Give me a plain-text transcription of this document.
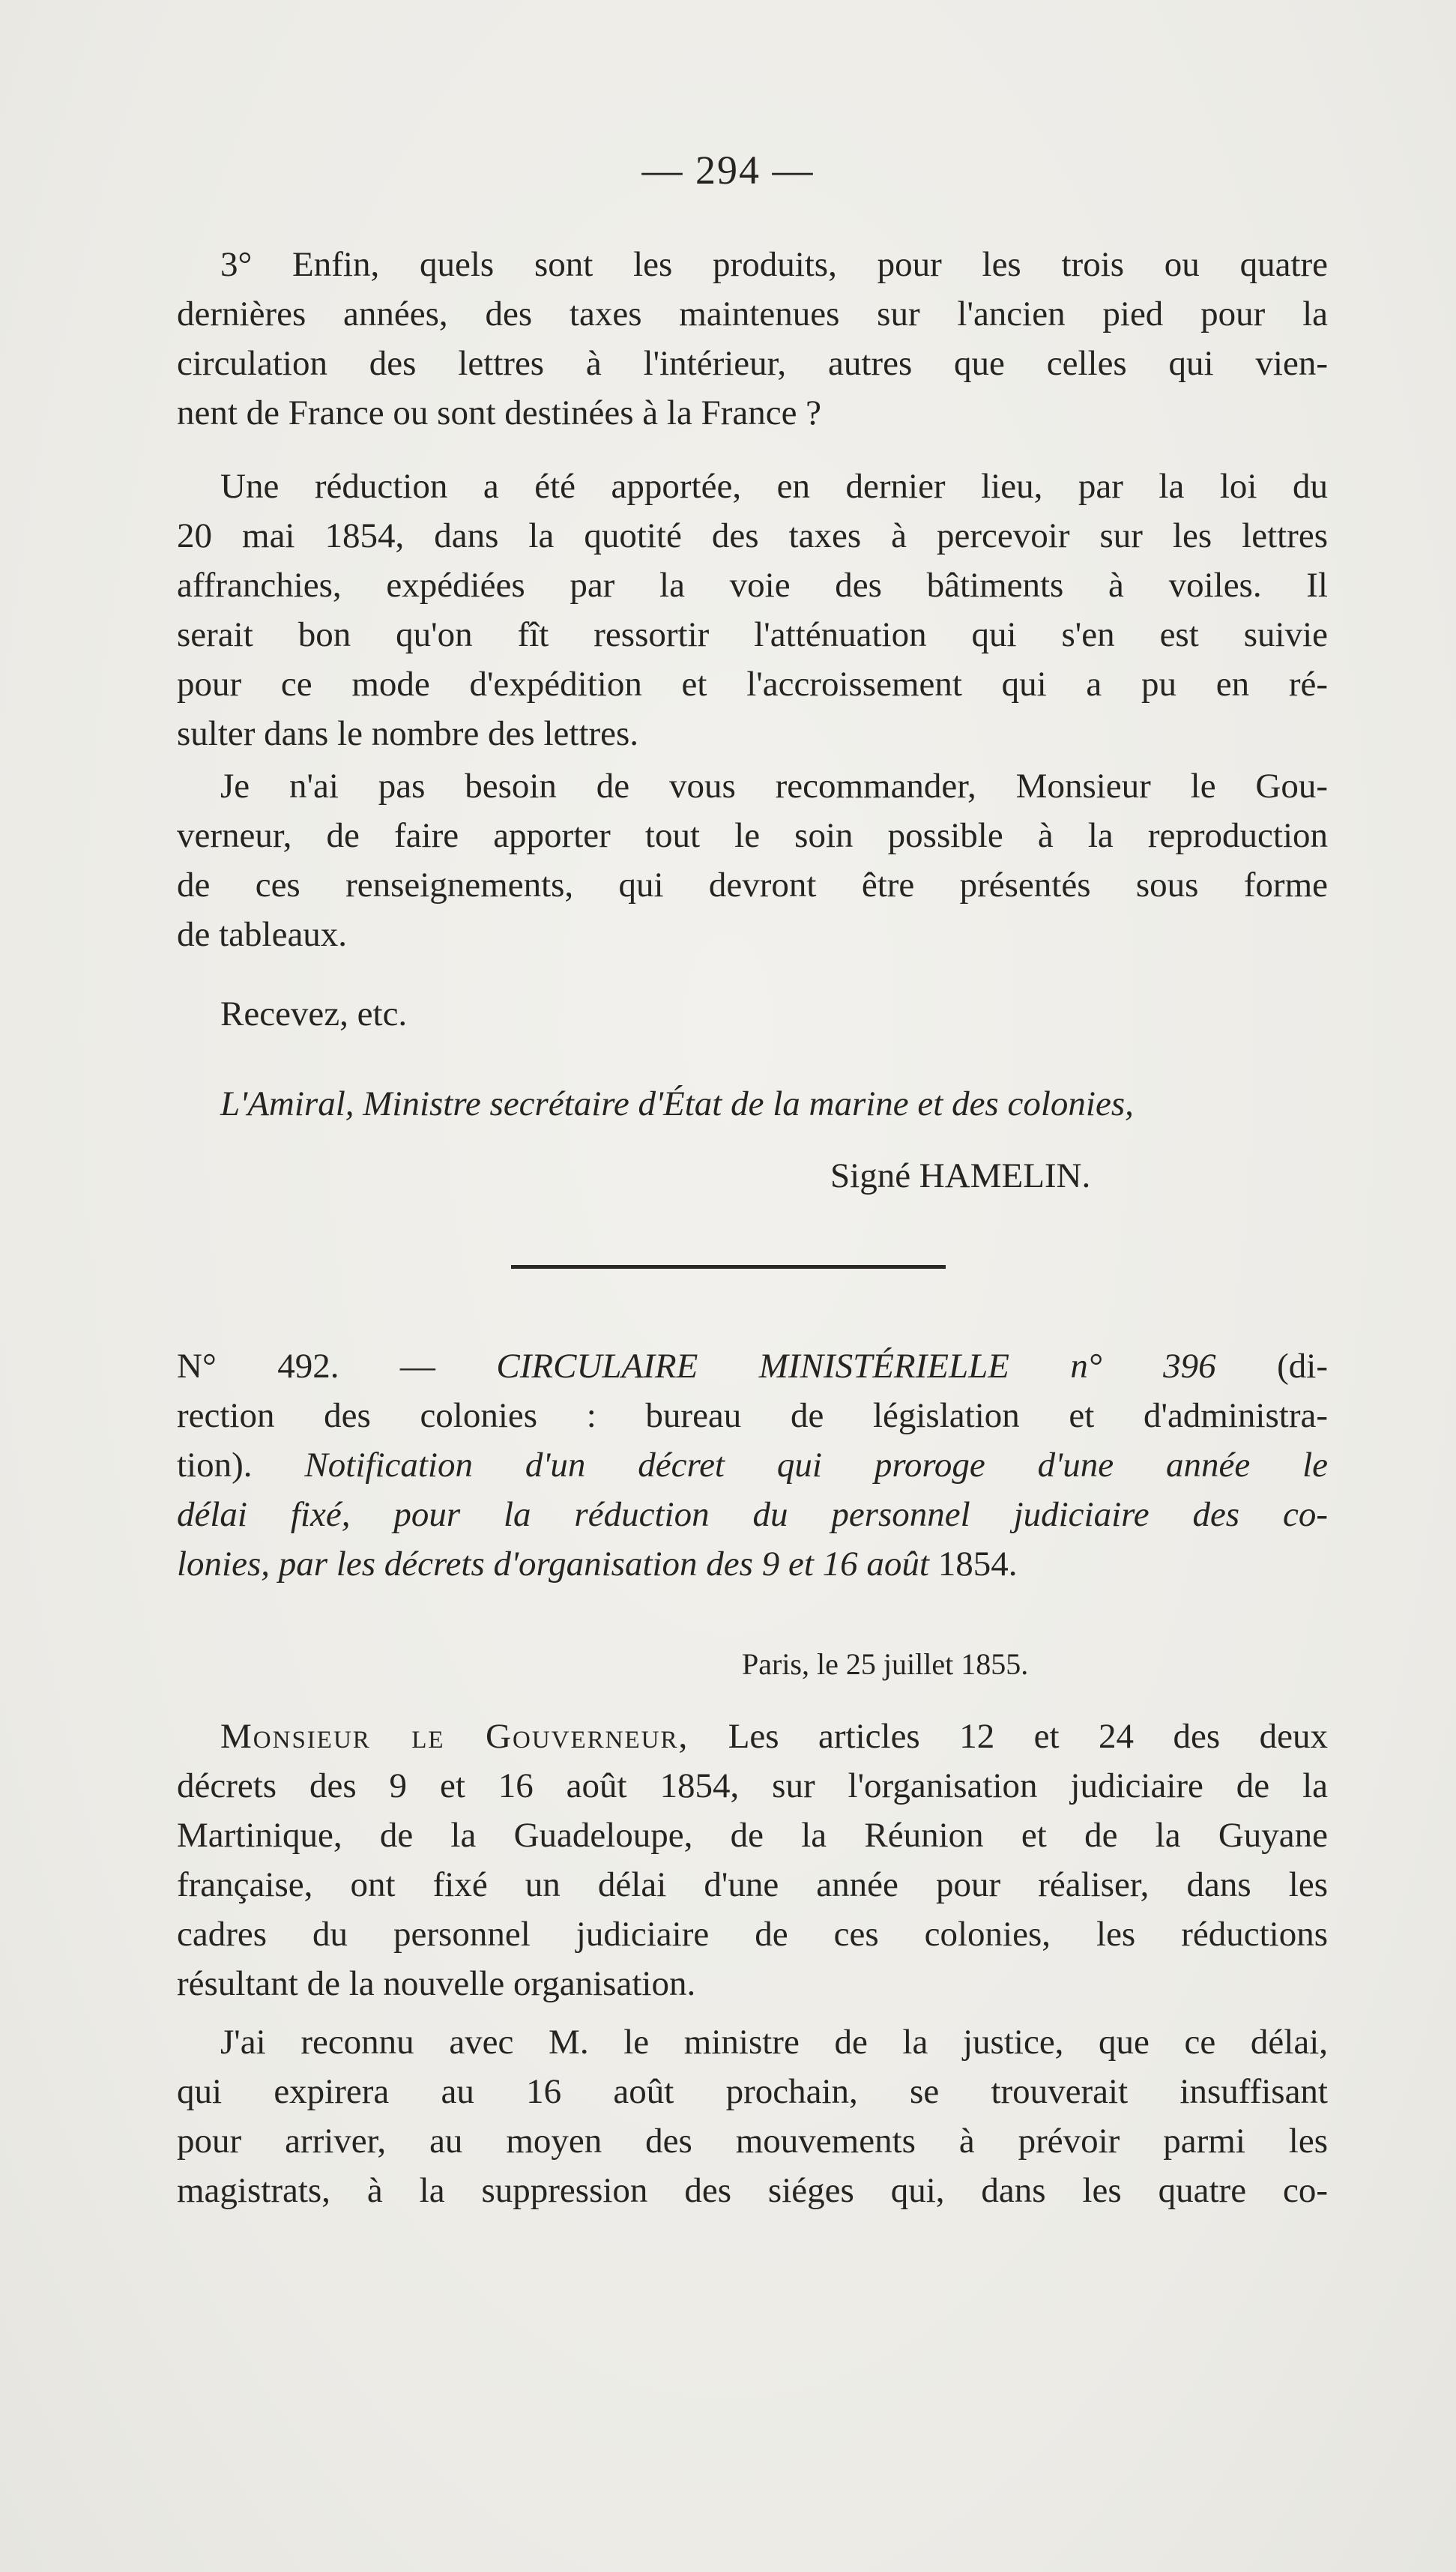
— 294 —
3° Enfin, quels sont les produits, pour les trois ou quatre
dernières années, des taxes maintenues sur l'ancien pied pour la
circulation des lettres à l'intérieur, autres que celles qui vien-
nent de France ou sont destinées à la France ?
Une réduction a été apportée, en dernier lieu, par la loi du
20 mai 1854, dans la quotité des taxes à percevoir sur les lettres
affranchies, expédiées par la voie des bâtiments à voiles. Il
serait bon qu'on fît ressortir l'atténuation qui s'en est suivie
pour ce mode d'expédition et l'accroissement qui a pu en ré-
sulter dans le nombre des lettres.
Je n'ai pas besoin de vous recommander, Monsieur le Gou-
verneur, de faire apporter tout le soin possible à la reproduction
de ces renseignements, qui devront être présentés sous forme
de tableaux.
Recevez, etc.
L'Amiral, Ministre secrétaire d'État de la marine et des colonies,
Signé HAMELIN.
N° 492. — CIRCULAIRE MINISTÉRIELLE n° 396 (di-
rection des colonies : bureau de législation et d'administra-
tion). Notification d'un décret qui proroge d'une année le
délai fixé, pour la réduction du personnel judiciaire des co-
lonies, par les décrets d'organisation des 9 et 16 août 1854.
Paris, le 25 juillet 1855.
Monsieur le Gouverneur, Les articles 12 et 24 des deux
décrets des 9 et 16 août 1854, sur l'organisation judiciaire de la
Martinique, de la Guadeloupe, de la Réunion et de la Guyane
française, ont fixé un délai d'une année pour réaliser, dans les
cadres du personnel judiciaire de ces colonies, les réductions
résultant de la nouvelle organisation.
J'ai reconnu avec M. le ministre de la justice, que ce délai,
qui expirera au 16 août prochain, se trouverait insuffisant
pour arriver, au moyen des mouvements à prévoir parmi les
magistrats, à la suppression des siéges qui, dans les quatre co-
